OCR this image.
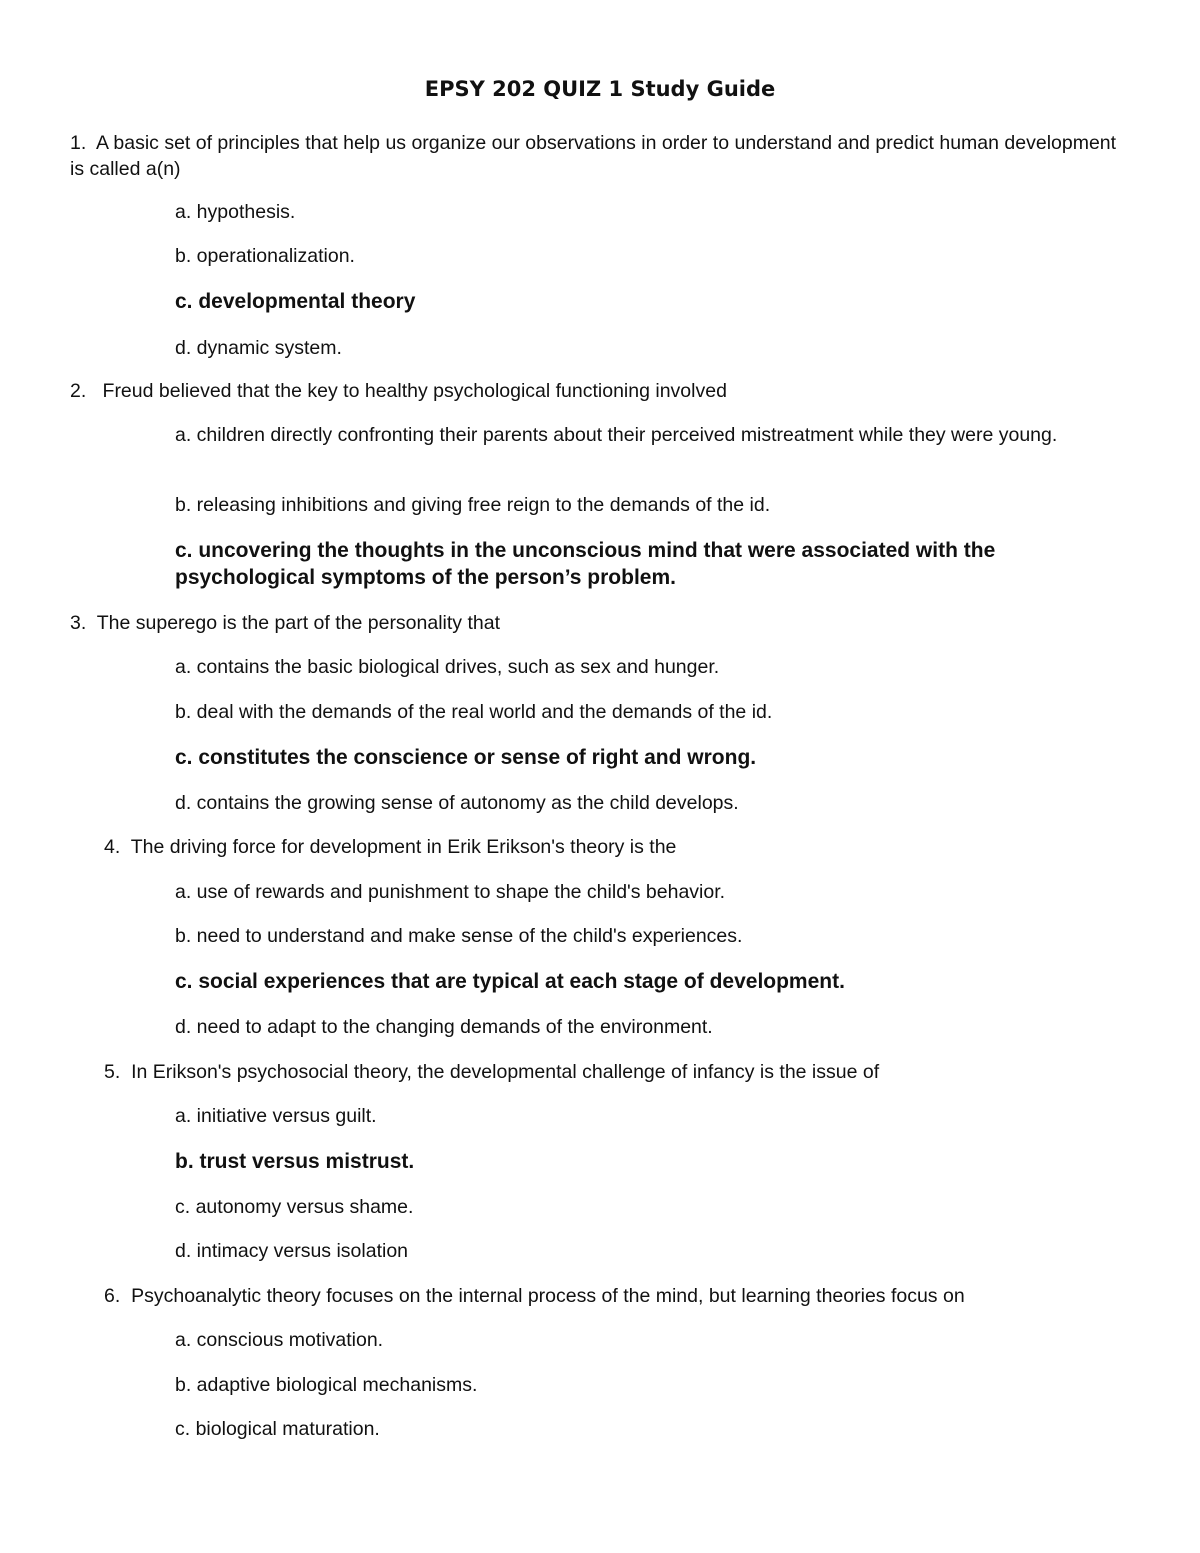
EPSY 202 QUIZ 1 Study Guide
1. A basic set of principles that help us organize our observations in order to understand and predict human development is called a(n)
a. hypothesis.
b. operationalization.
c. developmental theory
d. dynamic system.
2. Freud believed that the key to healthy psychological functioning involved
a. children directly confronting their parents about their perceived mistreatment while they were young.
b. releasing inhibitions and giving free reign to the demands of the id.
c. uncovering the thoughts in the unconscious mind that were associated with the psychological symptoms of the person’s problem.
3. The superego is the part of the personality that
a. contains the basic biological drives, such as sex and hunger.
b. deal with the demands of the real world and the demands of the id.
c. constitutes the conscience or sense of right and wrong.
d. contains the growing sense of autonomy as the child develops.
4. The driving force for development in Erik Erikson's theory is the
a. use of rewards and punishment to shape the child's behavior.
b. need to understand and make sense of the child's experiences.
c. social experiences that are typical at each stage of development.
d. need to adapt to the changing demands of the environment.
5. In Erikson's psychosocial theory, the developmental challenge of infancy is the issue of
a. initiative versus guilt.
b. trust versus mistrust.
c. autonomy versus shame.
d. intimacy versus isolation
6. Psychoanalytic theory focuses on the internal process of the mind, but learning theories focus on
a. conscious motivation.
b. adaptive biological mechanisms.
c. biological maturation.
